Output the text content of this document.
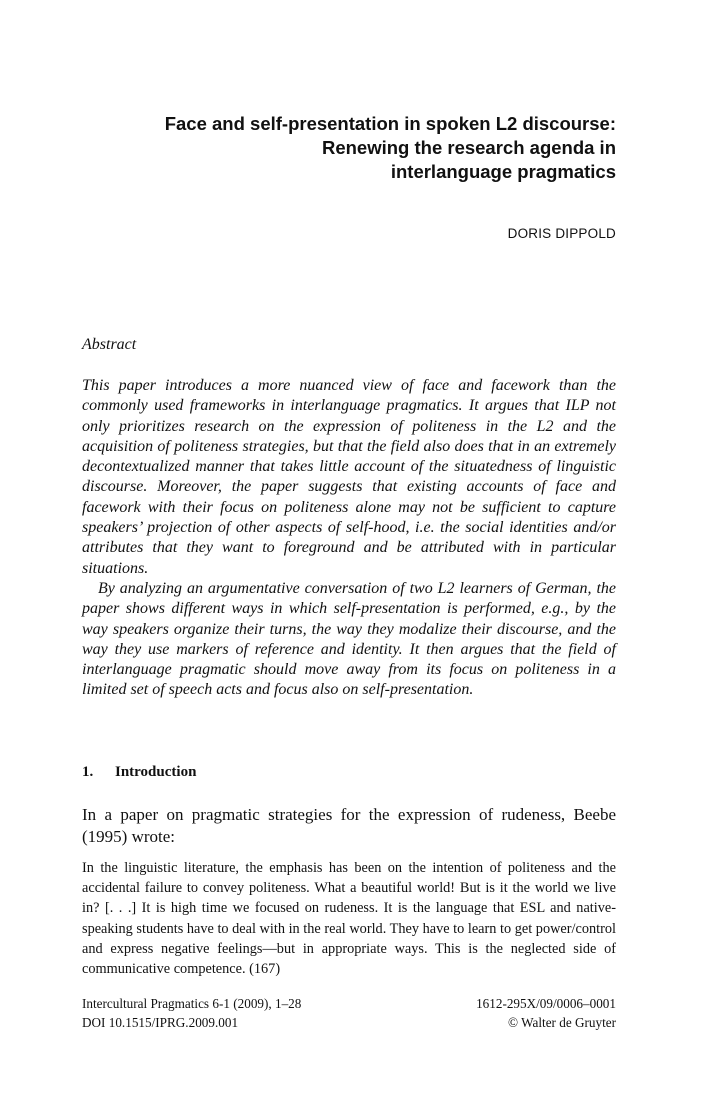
Face and self-presentation in spoken L2 discourse:
Renewing the research agenda in
interlanguage pragmatics
DORIS DIPPOLD
Abstract

This paper introduces a more nuanced view of face and facework than the commonly used frameworks in interlanguage pragmatics. It argues that ILP not only prioritizes research on the expression of politeness in the L2 and the acquisition of politeness strategies, but that the field also does that in an extremely decontextualized manner that takes little account of the situatedness of linguistic discourse. Moreover, the paper suggests that existing accounts of face and facework with their focus on politeness alone may not be sufficient to capture speakers’ projection of other aspects of self-hood, i.e. the social identities and/or attributes that they want to foreground and be attributed with in particular situations.

By analyzing an argumentative conversation of two L2 learners of German, the paper shows different ways in which self-presentation is performed, e.g., by the way speakers organize their turns, the way they modalize their discourse, and the way they use markers of reference and identity. It then argues that the field of interlanguage pragmatic should move away from its focus on politeness in a limited set of speech acts and focus also on self-presentation.

1. Introduction

In a paper on pragmatic strategies for the expression of rudeness, Beebe (1995) wrote:

In the linguistic literature, the emphasis has been on the intention of politeness and the accidental failure to convey politeness. What a beautiful world! But is it the world we live in? [. . .] It is high time we focused on rudeness. It is the language that ESL and native-speaking students have to deal with in the real world. They have to learn to get power/control and express negative feelings—but in appropriate ways. This is the neglected side of communicative competence. (167)

Intercultural Pragmatics 6-1 (2009), 1–28	1612-295X/09/0006–0001
DOI 10.1515/IPRG.2009.001	© Walter de Gruyter
